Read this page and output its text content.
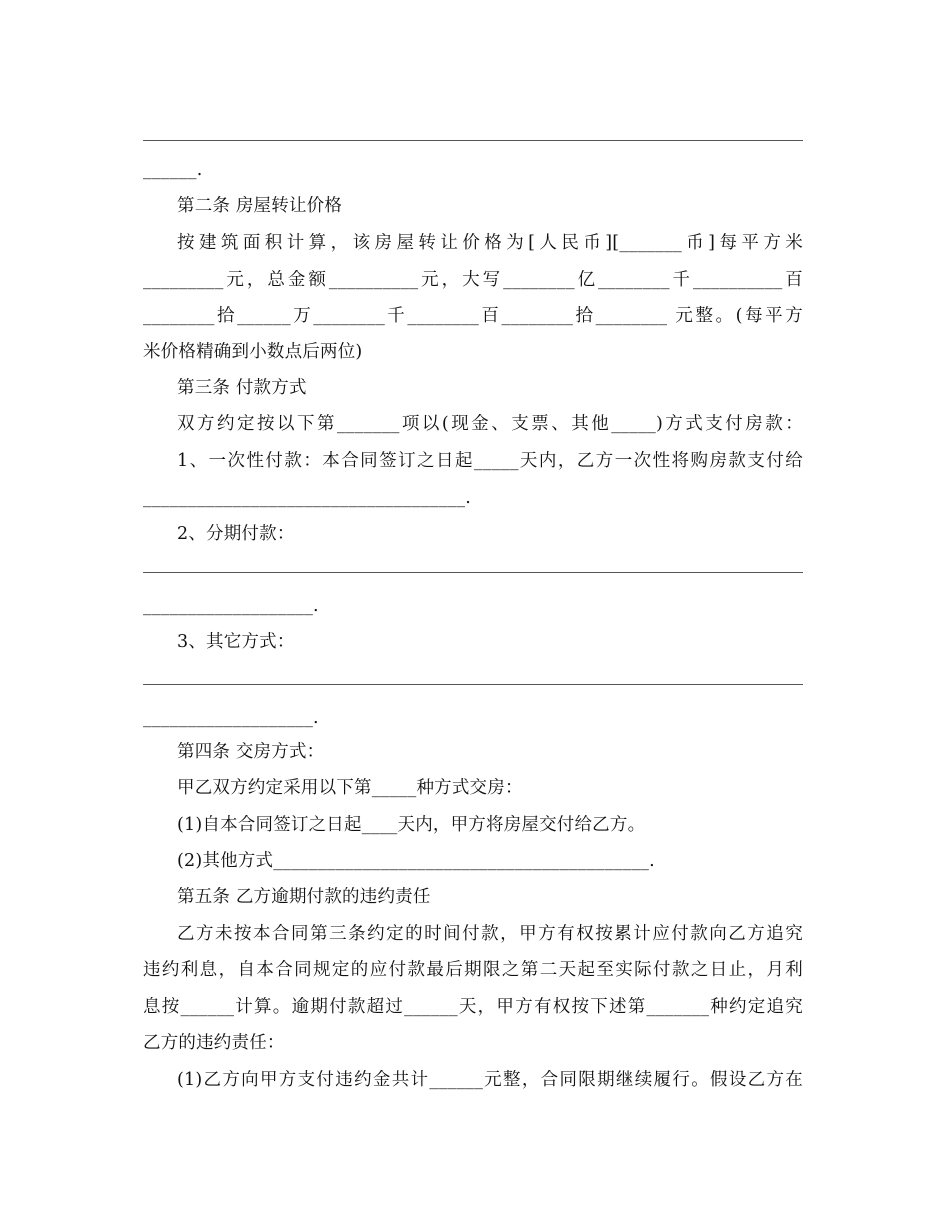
______.
第二条 房屋转让价格
按建筑面积计算，该房屋转让价格为[人民币][_______币]每平方米
_________元，总金额__________元，大写________亿________千__________百
________拾______万________千________百________拾________ 元整。(每平方
米价格精确到小数点后两位)
第三条 付款方式
双方约定按以下第_______项以(现金、支票、其他_____)方式支付房款：
1、一次性付款：本合同签订之日起_____天内，乙方一次性将购房款支付给
____________________________________.
2、分期付款：
___________________.
3、其它方式：
___________________.
第四条 交房方式：
甲乙双方约定采用以下第_____种方式交房：
(1)自本合同签订之日起____天内，甲方将房屋交付给乙方。
(2)其他方式__________________________________________.
第五条 乙方逾期付款的违约责任
乙方未按本合同第三条约定的时间付款，甲方有权按累计应付款向乙方追究
违约利息，自本合同规定的应付款最后期限之第二天起至实际付款之日止，月利
息按______计算。逾期付款超过______天，甲方有权按下述第_______种约定追究
乙方的违约责任：
(1)乙方向甲方支付违约金共计______元整，合同限期继续履行。假设乙方在
